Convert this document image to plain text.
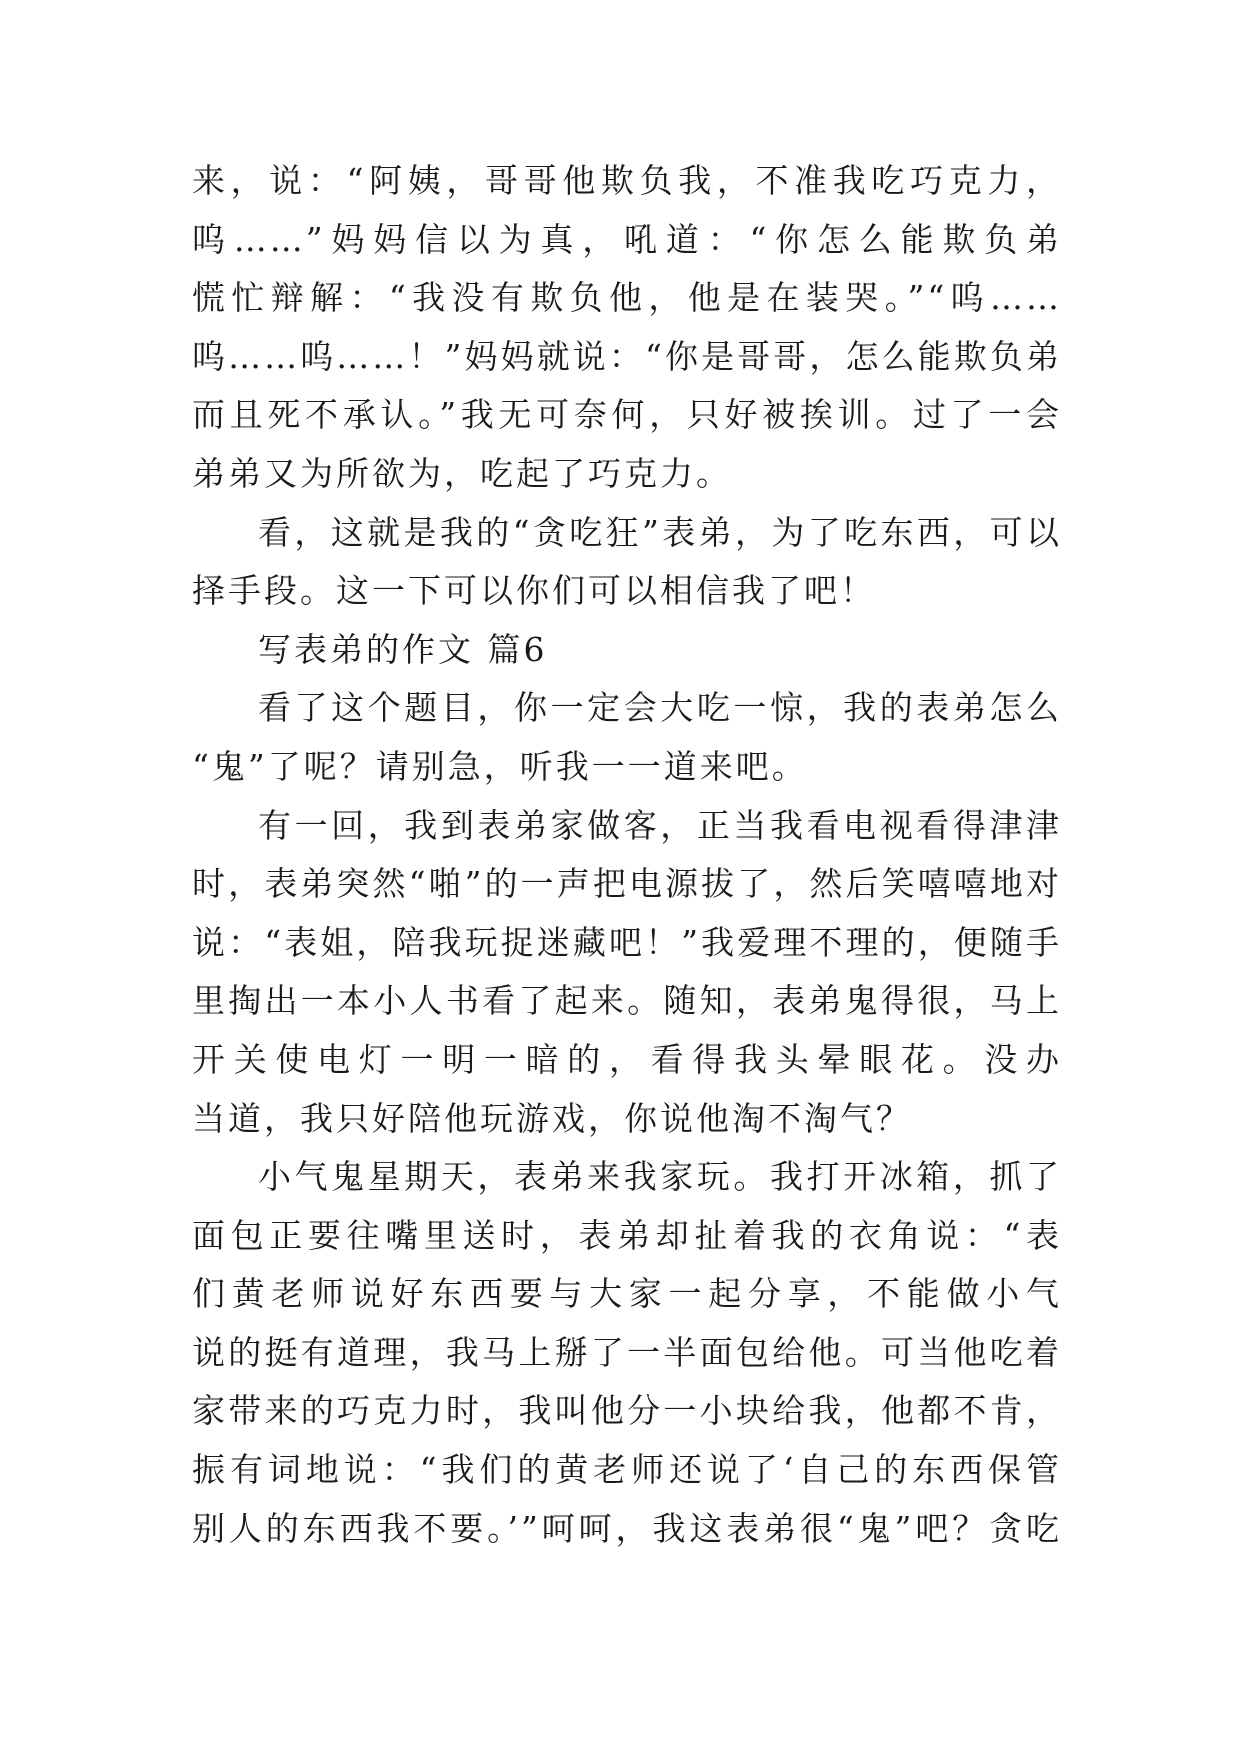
来，说：“阿姨，哥哥他欺负我，不准我吃巧克力，
呜……”妈妈信以为真，吼道：“你怎么能欺负弟
慌忙辩解：“我没有欺负他，他是在装哭。”“呜……
呜……呜……！”妈妈就说：“你是哥哥，怎么能欺负弟
而且死不承认。”我无可奈何，只好被挨训。过了一会
弟弟又为所欲为，吃起了巧克力。
看，这就是我的“贪吃狂”表弟，为了吃东西，可以
择手段。这一下可以你们可以相信我了吧！
写表弟的作文 篇6
看了这个题目，你一定会大吃一惊，我的表弟怎么
“鬼”了呢？请别急，听我一一道来吧。
有一回，我到表弟家做客，正当我看电视看得津津
时，表弟突然“啪”的一声把电源拔了，然后笑嘻嘻地对
说：“表姐，陪我玩捉迷藏吧！”我爱理不理的，便随手
里掏出一本小人书看了起来。随知，表弟鬼得很，马上
开关使电灯一明一暗的，看得我头晕眼花。没办
当道，我只好陪他玩游戏，你说他淘不淘气？
小气鬼星期天，表弟来我家玩。我打开冰箱，抓了
面包正要往嘴里送时，表弟却扯着我的衣角说：“表
们黄老师说好东西要与大家一起分享，不能做小气
说的挺有道理，我马上掰了一半面包给他。可当他吃着
家带来的巧克力时，我叫他分一小块给我，他都不肯，
振有词地说：“我们的黄老师还说了‘自己的东西保管
别人的东西我不要。’”呵呵，我这表弟很“鬼”吧？贪吃
